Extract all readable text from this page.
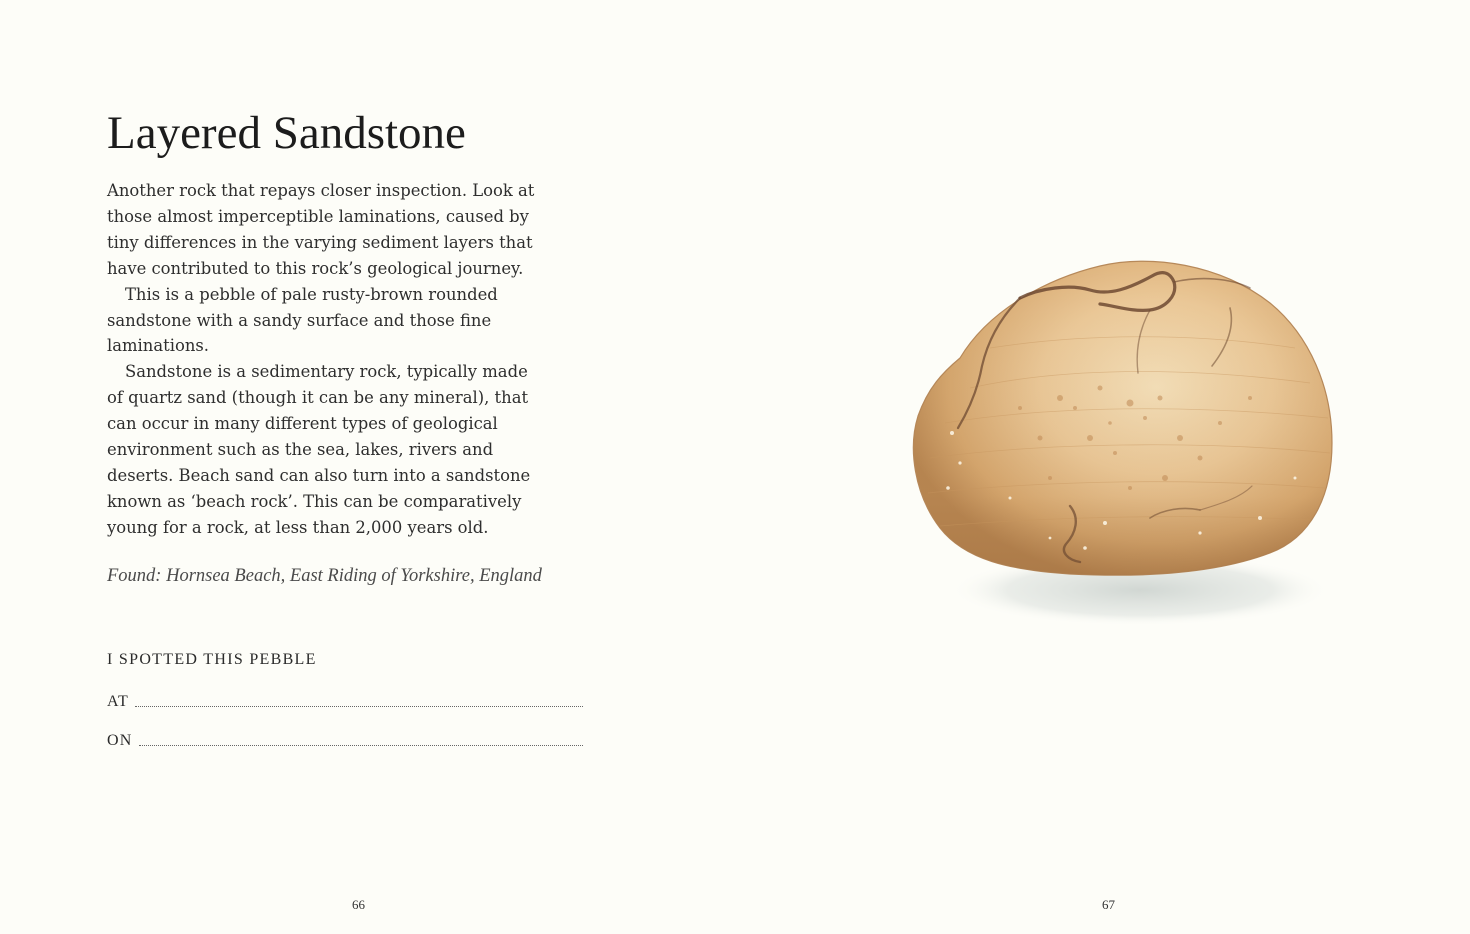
Layered Sandstone

Another rock that repays closer inspection. Look at

those almost imperceptible laminations, caused by

tiny differences in the varying sediment layers that

have contributed to this rock’s geological journey.

This is a pebble of pale rusty-brown rounded

sandstone with a sandy surface and those fine

laminations.

Sandstone is a sedimentary rock, typically made

of quartz sand (though it can be any mineral), that

can occur in many different types of geological

environment such as the sea, lakes, rivers and

deserts. Beach sand can also turn into a sandstone

known as ‘beach rock’. This can be comparatively

young for a rock, at less than 2,000 years old.

Found: Hornsea Beach, East Riding of Yorkshire, England
I SPOTTED THIS PEBBLE
AT
ON
66	67
